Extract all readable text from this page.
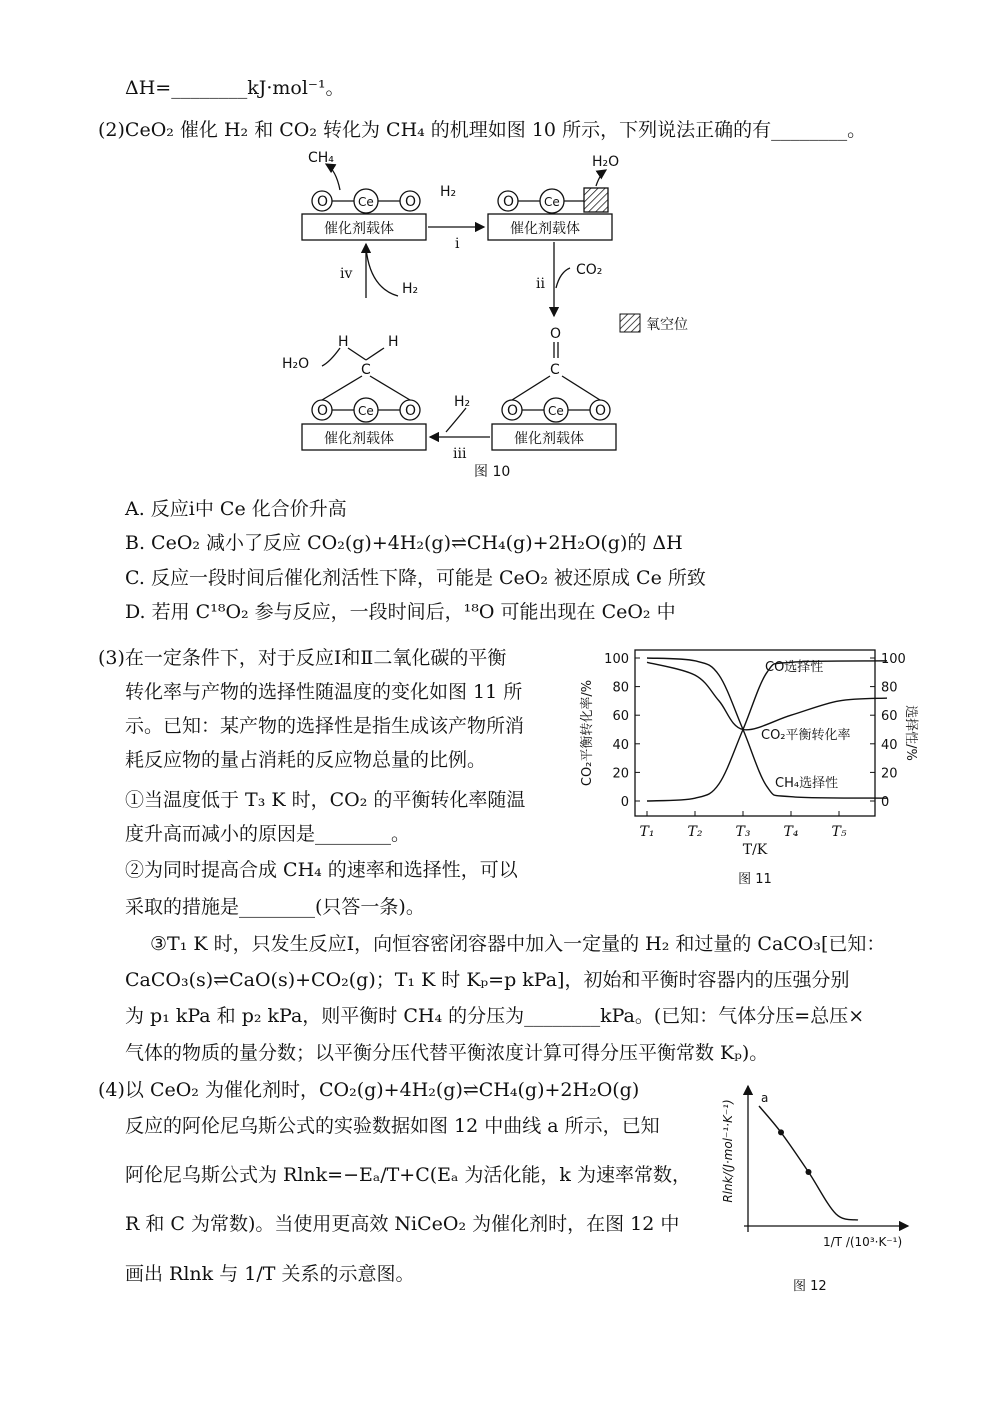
ΔH=________kJ·mol⁻¹。
(2)CeO₂ 催化 H₂ 和 CO₂ 转化为 CH₄ 的机理如图 10 所示，下列说法正确的有________。
O Ce O	O Ce
O Ce O
C
H	H
O Ce O
C
O
催化剂载体	催化剂载体
催化剂载体	催化剂载体
CH₄	H₂O
H₂
CO₂
H₂
H₂
H₂O
i
ii
iii
iv
氧空位
图 10
A. 反应ⅰ中 Ce 化合价升高
B. CeO₂ 减小了反应 CO₂(g)+4H₂(g)⇌CH₄(g)+2H₂O(g)的 ΔH
C. 反应一段时间后催化剂活性下降，可能是 CeO₂ 被还原成 Ce 所致
D. 若用 C¹⁸O₂ 参与反应，一段时间后，¹⁸O 可能出现在 CeO₂ 中
(3)在一定条件下，对于反应Ⅰ和Ⅱ二氧化碳的平衡
转化率与产物的选择性随温度的变化如图 11 所
示。已知：某产物的选择性是指生成该产物所消
耗反应物的量占消耗的反应物总量的比例。
①当温度低于 T₃ K 时，CO₂ 的平衡转化率随温
度升高而减小的原因是________。
②为同时提高合成 CH₄ 的速率和选择性，可以
采取的措施是________(只答一条)。
③T₁ K 时，只发生反应Ⅰ，向恒容密闭容器中加入一定量的 H₂ 和过量的 CaCO₃[已知：
CaCO₃(s)⇌CaO(s)+CO₂(g)；T₁ K 时 Kₚ=p kPa]，初始和平衡时容器内的压强分别
为 p₁ kPa 和 p₂ kPa，则平衡时 CH₄ 的分压为________kPa。(已知：气体分压=总压×
气体的物质的量分数；以平衡分压代替平衡浓度计算可得分压平衡常数 Kₚ)。
0	0
20	20
40	40
60	60
80	80
100	100
T₁ T₂ T₃ T₄ T₅
T/K
CO₂平衡转化率/%	选择性/%
CO₂平衡转化率
CO选择性
CH₄选择性
图 11
(4)以 CeO₂ 为催化剂时，CO₂(g)+4H₂(g)⇌CH₄(g)+2H₂O(g)
反应的阿伦尼乌斯公式的实验数据如图 12 中曲线 a 所示，已知
阿伦尼乌斯公式为 Rlnk=−Eₐ/T+C(Eₐ 为活化能，k 为速率常数，
R 和 C 为常数)。当使用更高效 NiCeO₂ 为催化剂时，在图 12 中
画出 Rlnk 与 1/T 关系的示意图。
Rlnk/(J·mol⁻¹·K⁻¹)
1/T /(10³·K⁻¹)
a
图 12
